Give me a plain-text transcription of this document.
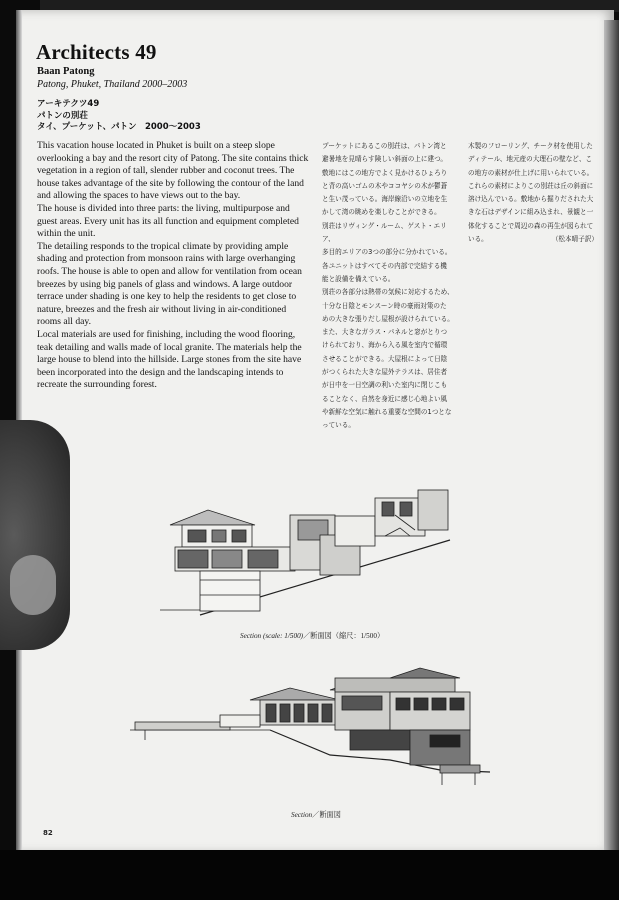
Architects 49
Baan Patong
Patong, Phuket, Thailand 2000–2003
アーキテクツ49
パトンの別荘
タイ、プーケット、パトン　2000〜2003

This vacation house located in Phuket is built on a steep slope overlooking a bay and the resort city of Patong. The site contains thick vegetation in a region of tall, slender rubber and coconut trees. The house takes advantage of the site by following the contour of the land and allowing the spaces to have views out to the bay.

The house is divided into three parts: the living, multipurpose and guest areas. Every unit has its all function and equipment completed within the unit.

The detailing responds to the tropical climate by providing ample shading and protection from monsoon rains with large overhanging roofs. The house is able to open and allow for ventilation from ocean breezes by using big panels of glass and windows. A large outdoor terrace under shading is one key to help the residents to get close to nature, breezes and the fresh air without living in air-conditioned rooms all day.

Local materials are used for finishing, including the wood flooring, teak detailing and walls made of local granite. The materials help the large house to blend into the hillside. Large stones from the site have been incorporated into the design and the landscaping intends to recreate the surrounding forest.

プーケットにあるこの別荘は、パトン湾と
避暑地を見晴らす険しい斜面の上に建つ。
敷地にはこの地方でよく見かけるひょろり
と背の高いゴムの木やココヤシの木が鬱蒼
と生い茂っている。海岸線沿いの立地を生
かして湾の眺めを楽しむことができる。
別荘はリヴィング・ルーム、ゲスト・エリア、
多目的エリアの3つの部分に分かれている。
各ユニットはすべてその内部で完結する機
能と設備を備えている。
別荘の各部分は熱帯の気候に対応するため、
十分な日陰とモンスーン時の豪雨対策のた
めの大きな張りだし屋根が設けられている。
また、大きなガラス・パネルと窓がとりつ
けられており、海から入る風を室内で循環
させることができる。大屋根によって日陰
がつくられた大きな屋外テラスは、居住者
が日中を一日空調の利いた室内に閉じこも
ることなく、自然を身近に感じ心地よい風
や新鮮な空気に触れる重要な空間の1つとな
っている。
木製のフローリング、チーク材を使用した
ディテール、地元産の大理石の壁など、こ
の地方の素材が仕上げに用いられている。
これらの素材によりこの別荘は丘の斜面に
溶け込んでいる。敷地から掘りだされた大
きな石はデザインに組み込まれ、景観と一
体化することで周辺の森の再生が図られて
いる。	（松本晴子訳）
Section (scale: 1/500)／断面図（縮尺：1/500）
Section／断面図
82
